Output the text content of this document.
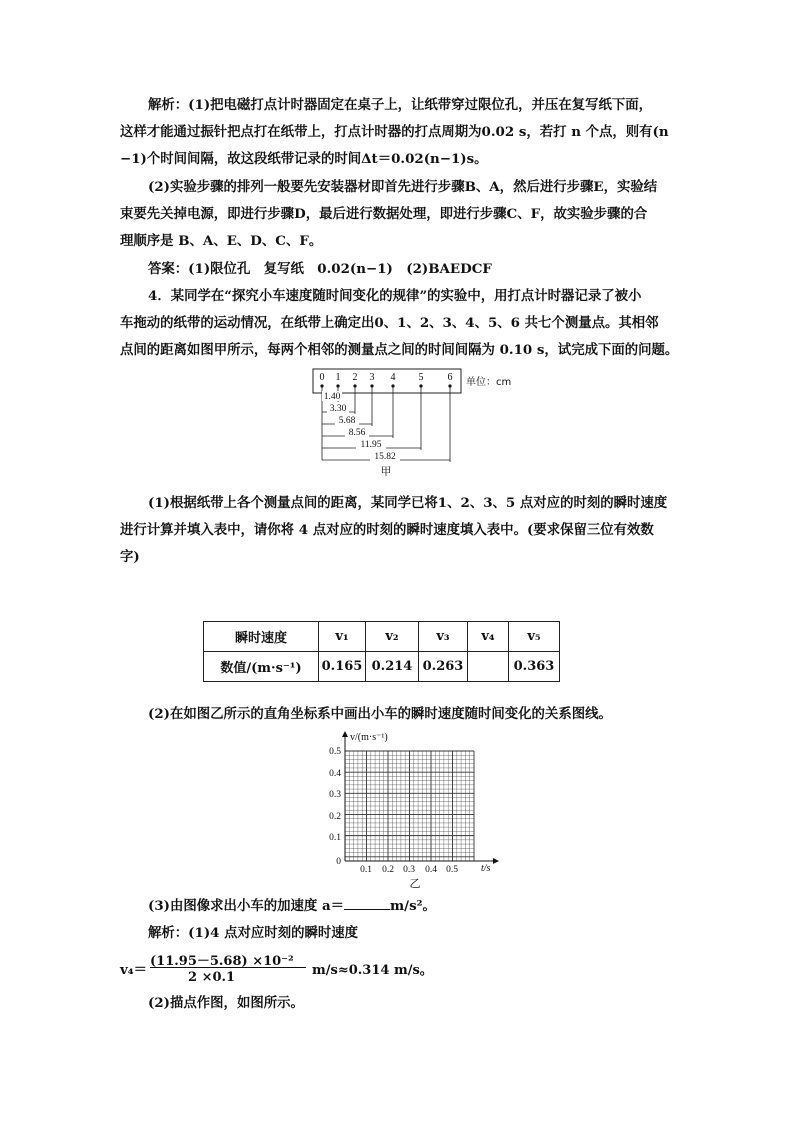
解析：(1)把电磁打点计时器固定在桌子上，让纸带穿过限位孔，并压在复写纸下面，
这样才能通过振针把点打在纸带上，打点计时器的打点周期为0.02 s，若打 n 个点，则有(n
−1)个时间间隔，故这段纸带记录的时间Δt＝0.02(n−1)s。
(2)实验步骤的排列一般要先安装器材即首先进行步骤B、A，然后进行步骤E，实验结
束要先关掉电源，即进行步骤D，最后进行数据处理，即进行步骤C、F，故实验步骤的合
理顺序是 B、A、E、D、C、F。
答案：(1)限位孔　复写纸　0.02(n−1)　(2)BAEDCF
4．某同学在“探究小车速度随时间变化的规律”的实验中，用打点计时器记录了被小
车拖动的纸带的运动情况，在纸带上确定出0、1、2、3、4、5、6 共七个测量点。其相邻
点间的距离如图甲所示，每两个相邻的测量点之间的时间间隔为 0.10 s，试完成下面的问题。
0 1 2 3 4 5 6 单位：cm
1.40
3.30
5.68
8.56
11.95
15.82
甲
(1)根据纸带上各个测量点间的距离，某同学已将1、2、3、5 点对应的时刻的瞬时速度
进行计算并填入表中，请你将 4 点对应的时刻的瞬时速度填入表中。(要求保留三位有效数
字)
瞬时速度	v₁	v₂	v₃	v₄	v₅
数值/(m·s⁻¹)	0.165	0.214	0.263		0.363
(2)在如图乙所示的直角坐标系中画出小车的瞬时速度随时间变化的关系图线。
v/(m·s⁻¹)
t/s
0.5
0.4
0.3
0.2
0.1
0
0.1 0.2 0.3 0.4 0.5
乙
(3)由图像求出小车的加速度 a＝	m/s²。
解析：(1)4 点对应时刻的瞬时速度
v₄＝
(11.95－5.68) ×10⁻²
2 ×0.1	m/s≈0.314 m/s。
(2)描点作图，如图所示。
